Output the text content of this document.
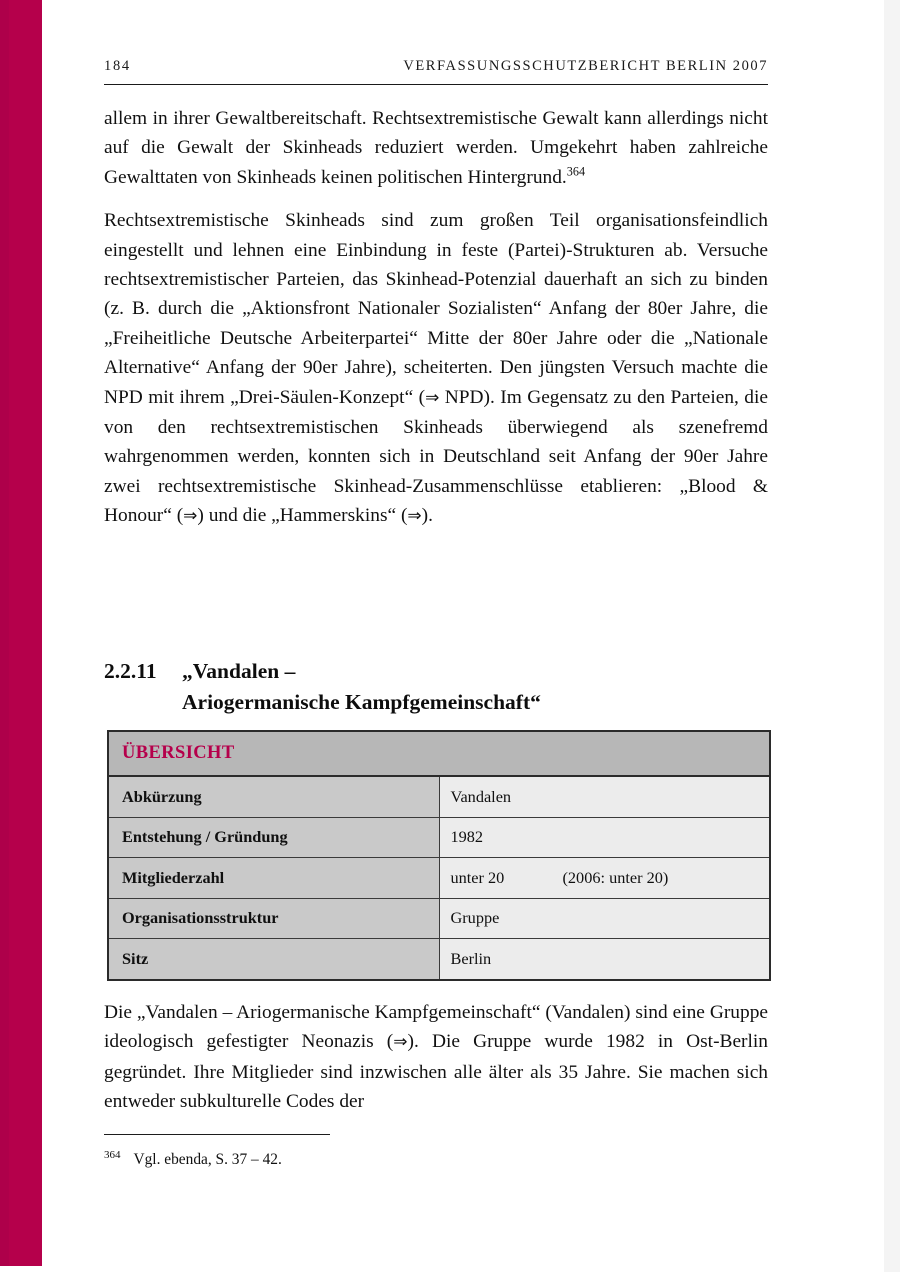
184	VERFASSUNGSSCHUTZBERICHT BERLIN 2007

allem in ihrer Gewaltbereitschaft. Rechtsextremistische Gewalt kann allerdings nicht auf die Gewalt der Skinheads reduziert werden. Umgekehrt haben zahlreiche Gewalttaten von Skinheads keinen politischen Hintergrund.$^{364}$

Rechtsextremistische Skinheads sind zum großen Teil organisationsfeindlich eingestellt und lehnen eine Einbindung in feste (Partei)-Strukturen ab. Versuche rechtsextremistischer Parteien, das Skinhead-Potenzial dauerhaft an sich zu binden (z. B. durch die „Aktionsfront Nationaler Sozialisten“ Anfang der 80er Jahre, die „Freiheitliche Deutsche Arbeiterpartei“ Mitte der 80er Jahre oder die „Nationale Alternative“ Anfang der 90er Jahre), scheiterten. Den jüngsten Versuch machte die NPD mit ihrem „Drei-Säulen-Konzept“ (⇒ NPD). Im Gegensatz zu den Parteien, die von den rechtsextremistischen Skinheads überwiegend als szenefremd wahrgenommen werden, konnten sich in Deutschland seit Anfang der 90er Jahre zwei rechtsextremistische Skinhead-Zusammenschlüsse etablieren: „Blood & Honour“ (⇒) und die „Hammerskins“ (⇒).

2.2.11 „Vandalen –
Ariogermanische Kampfgemeinschaft“
ÜBERSICHT	
Abkürzung	Vandalen

Entstehung / Gründung	1982

Mitgliederzahl	unter 20 (2006: unter 20)

Organisationsstruktur	Gruppe

Sitz	Berlin

Die „Vandalen – Ariogermanische Kampfgemeinschaft“ (Vandalen) sind eine Gruppe ideologisch gefestigter Neonazis (⇒). Die Gruppe wurde 1982 in Ost-Berlin gegründet. Ihre Mitglieder sind inzwischen alle älter als 35 Jahre. Sie machen sich entweder subkulturelle Codes der

$^{364}$ Vgl. ebenda, S. 37 – 42.
